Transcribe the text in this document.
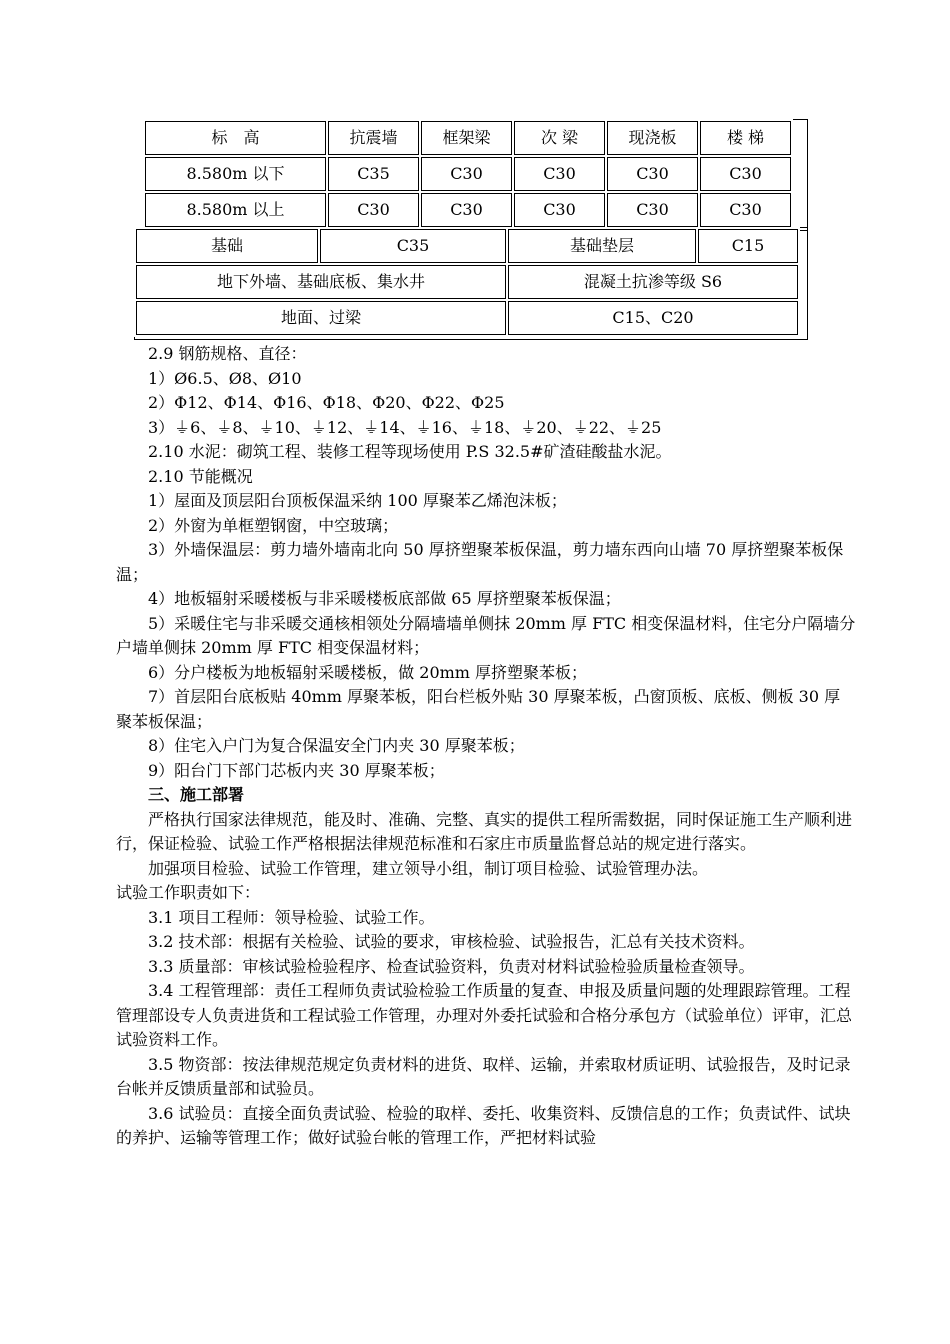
标　高	抗震墙	框架梁	次 梁	现浇板	楼 梯
8.580m 以下	C35	C30	C30	C30	C30
8.580m 以上	C30	C30	C30	C30	C30
基础	C35	基础垫层	C15
地下外墙、基础底板、集水井		混凝土抗渗等级 S6	
地面、过梁		C15、C20	

2.9 钢筋规格、直径：

1）Ø6.5、Ø8、Ø10

2）Φ12、Φ14、Φ16、Φ18、Φ20、Φ22、Φ25

3）⏚6、⏚8、⏚10、⏚12、⏚14、⏚16、⏚18、⏚20、⏚22、⏚25

2.10 水泥：砌筑工程、装修工程等现场使用 P.S 32.5#矿渣硅酸盐水泥。

2.10 节能概况

1）屋面及顶层阳台顶板保温采纳 100 厚聚苯乙烯泡沫板；

2）外窗为单框塑钢窗，中空玻璃；

3）外墙保温层：剪力墙外墙南北向 50 厚挤塑聚苯板保温，剪力墙东西向山墙 70 厚挤塑聚苯板保温；

4）地板辐射采暖楼板与非采暖楼板底部做 65 厚挤塑聚苯板保温；

5）采暖住宅与非采暖交通核相领处分隔墙墙单侧抹 20mm 厚 FTC 相变保温材料，住宅分户隔墙分户墙单侧抹 20mm 厚 FTC 相变保温材料；

6）分户楼板为地板辐射采暖楼板，做 20mm 厚挤塑聚苯板；

7）首层阳台底板贴 40mm 厚聚苯板，阳台栏板外贴 30 厚聚苯板，凸窗顶板、底板、侧板 30 厚聚苯板保温；

8）住宅入户门为复合保温安全门内夹 30 厚聚苯板；

9）阳台门下部门芯板内夹 30 厚聚苯板；

三、施工部署

严格执行国家法律规范，能及时、准确、完整、真实的提供工程所需数据，同时保证施工生产顺利进行，保证检验、试验工作严格根据法律规范标准和石家庄市质量监督总站的规定进行落实。

加强项目检验、试验工作管理，建立领导小组，制订项目检验、试验管理办法。

试验工作职责如下：

3.1 项目工程师：领导检验、试验工作。

3.2 技术部：根据有关检验、试验的要求，审核检验、试验报告，汇总有关技术资料。

3.3 质量部：审核试验检验程序、检查试验资料，负责对材料试验检验质量检查领导。

3.4 工程管理部：责任工程师负责试验检验工作质量的复查、申报及质量问题的处理跟踪管理。工程管理部设专人负责进货和工程试验工作管理，办理对外委托试验和合格分承包方（试验单位）评审，汇总试验资料工作。

3.5 物资部：按法律规范规定负责材料的进货、取样、运输，并索取材质证明、试验报告，及时记录台帐并反馈质量部和试验员。

3.6 试验员：直接全面负责试验、检验的取样、委托、收集资料、反馈信息的工作；负责试件、试块的养护、运输等管理工作；做好试验台帐的管理工作，严把材料试验
